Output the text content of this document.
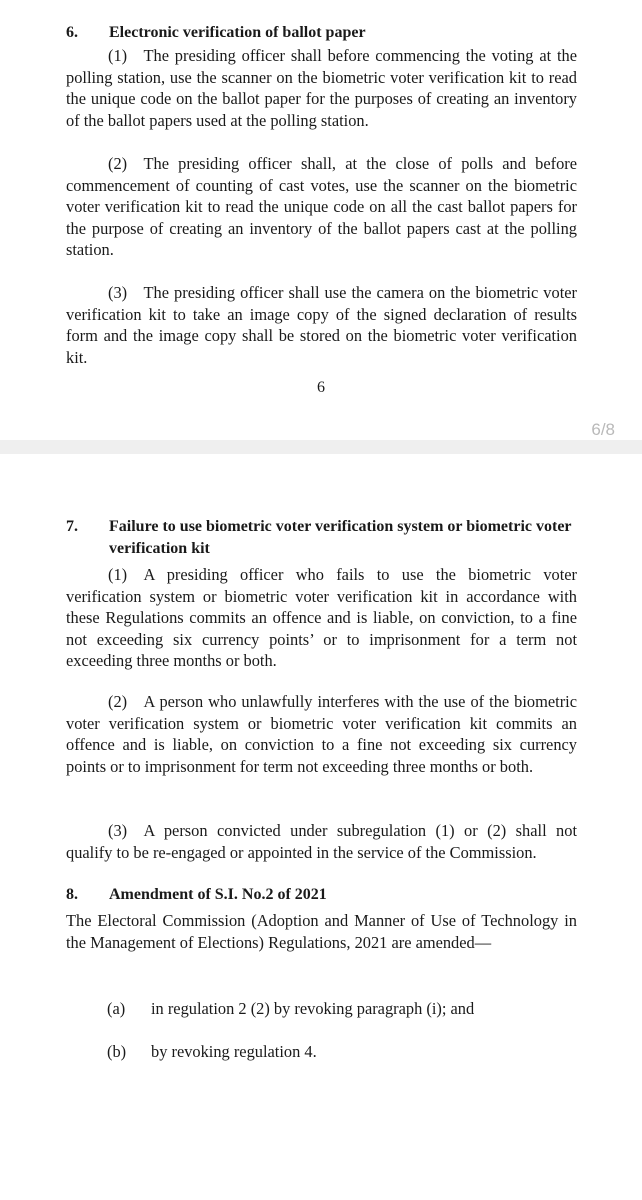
6. Electronic verification of ballot paper
(1) The presiding officer shall before commencing the voting at the polling station, use the scanner on the biometric voter verification kit to read the unique code on the ballot paper for the purposes of creating an inventory of the ballot papers used at the polling station.
(2) The presiding officer shall, at the close of polls and before commencement of counting of cast votes, use the scanner on the biometric voter verification kit to read the unique code on all the cast ballot papers for the purpose of creating an inventory of the ballot papers cast at the polling station.
(3) The presiding officer shall use the camera on the biometric voter verification kit to take an image copy of the signed declaration of results form and the image copy shall be stored on the biometric voter verification kit.
6
6/8
7. Failure to use biometric voter verification system or biometric voter verification kit
(1) A presiding officer who fails to use the biometric voter verification system or biometric voter verification kit in accordance with these Regulations commits an offence and is liable, on conviction, to a fine not exceeding six currency points’ or to imprisonment for a term not exceeding three months or both.
(2) A person who unlawfully interferes with the use of the biometric voter verification system or biometric voter verification kit commits an offence and is liable, on conviction to a fine not exceeding six currency points or to imprisonment for term not exceeding three months or both.
(3) A person convicted under subregulation (1) or (2) shall not qualify to be re-engaged or appointed in the service of the Commission.
8. Amendment of S.I. No.2 of 2021
The Electoral Commission (Adoption and Manner of Use of Technology in the Management of Elections) Regulations, 2021 are amended—
(a) in regulation 2 (2) by revoking paragraph (i); and
(b) by revoking regulation 4.
